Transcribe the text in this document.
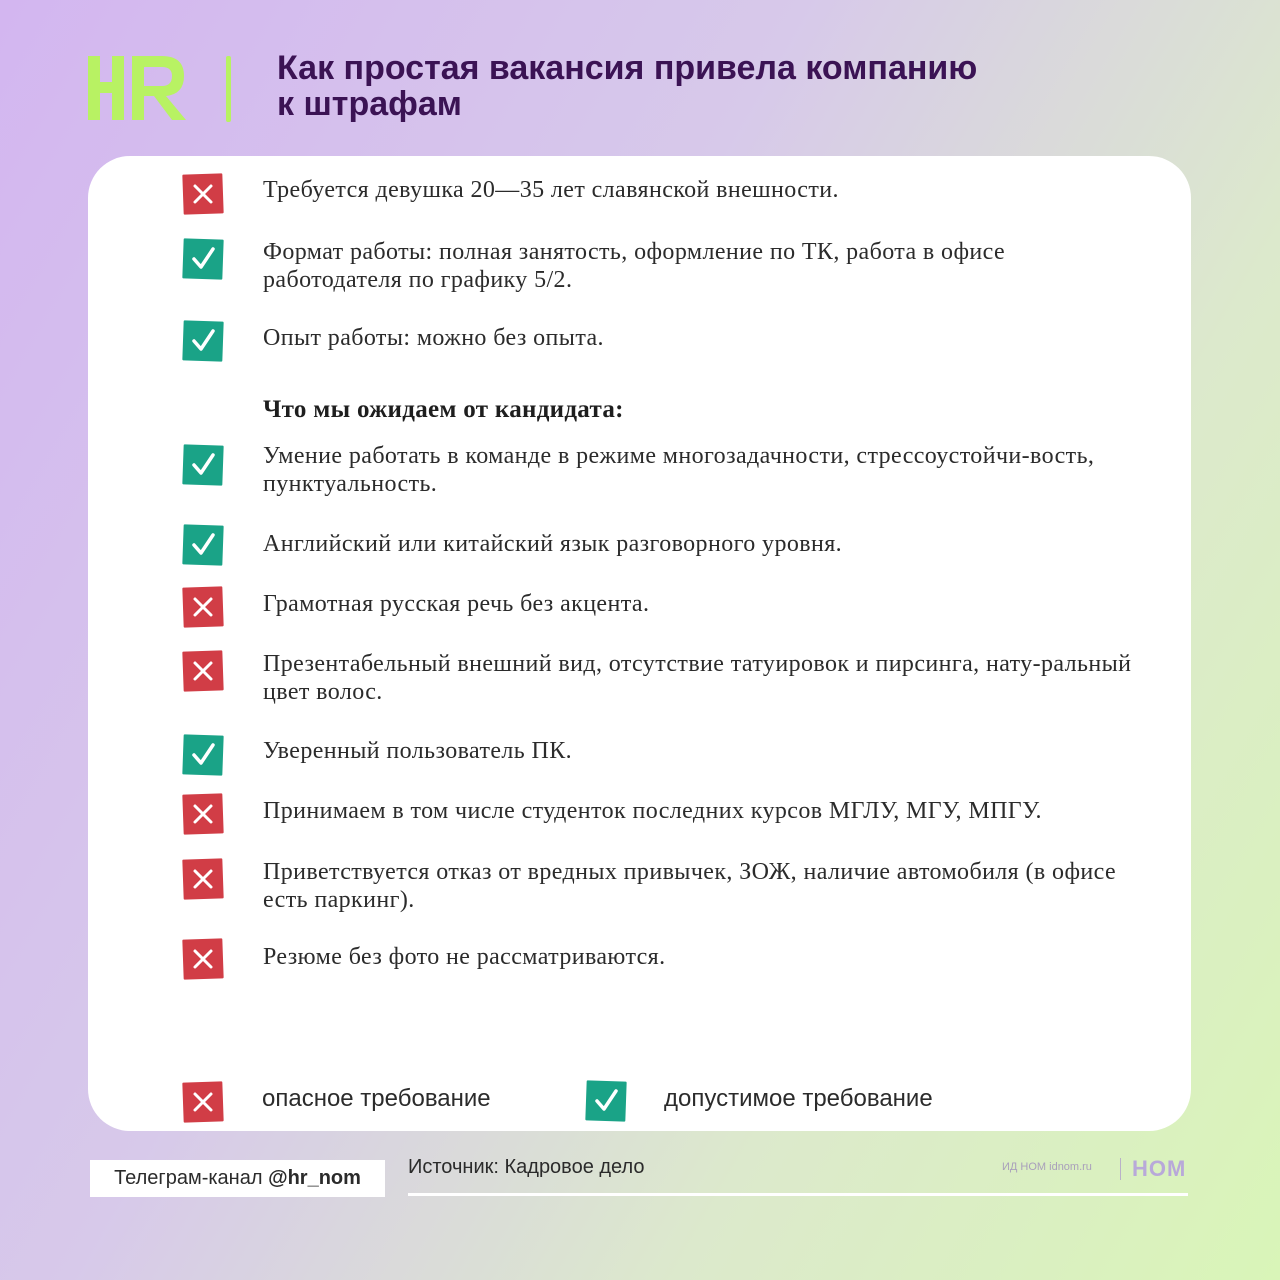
Как простая вакансия привела компанию
к штрафам
Требуется девушка 20—35 лет славянской внешности.
Формат работы: полная занятость, оформление по ТК, работа в офисе работодателя по графику 5/2.
Опыт работы: можно без опыта.
Что мы ожидаем от кандидата:
Умение работать в команде в режиме многозадачности, стрессоустойчи-вость, пунктуальность.
Английский или китайский язык разговорного уровня.
Грамотная русская речь без акцента.
Презентабельный внешний вид, отсутствие татуировок и пирсинга, нату-ральный цвет волос.
Уверенный пользователь ПК.
Принимаем в том числе студенток последних курсов МГЛУ, МГУ, МПГУ.
Приветствуется отказ от вредных привычек, ЗОЖ, наличие автомобиля (в офисе есть паркинг).
Резюме без фото не рассматриваются.
опасное требование	допустимое требование
Телеграм-канал @hr_nom	Источник: Кадровое дело	ИД НОМ idnom.ru НОМ
